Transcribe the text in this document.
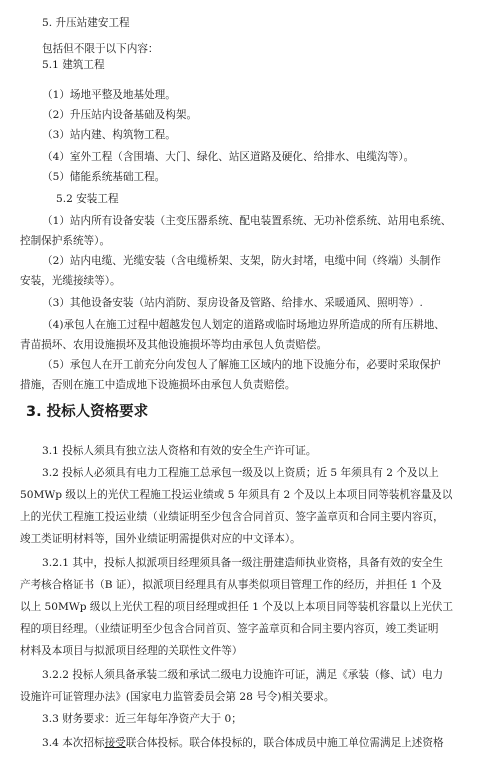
5. 升压站建安工程
包括但不限于以下内容：
5.1 建筑工程
（1）场地平整及地基处理。
（2）升压站内设备基础及构架。
（3）站内建、构筑物工程。
（4）室外工程（含围墙、大门、绿化、站区道路及硬化、给排水、电缆沟等）。
（5）储能系统基础工程。
5.2 安装工程
（1）站内所有设备安装（主变压器系统、配电装置系统、无功补偿系统、站用电系统、
控制保护系统等）。
（2）站内电缆、光缆安装（含电缆桥架、支架，防火封堵，电缆中间（终端）头制作
安装，光缆接续等）。
（3）其他设备安装（站内消防、泵房设备及管路、给排水、采暖通风、照明等）.
（4)承包人在施工过程中超越发包人划定的道路或临时场地边界所造成的所有压耕地、
青苗损坏、农用设施损坏及其他设施损坏等均由承包人负责赔偿。
（5）承包人在开工前充分向发包人了解施工区域内的地下设施分布，必要时采取保护
措施，否则在施工中造成地下设施损坏由承包人负责赔偿。
3. 投标人资格要求
3.1 投标人须具有独立法人资格和有效的安全生产许可证。
3.2 投标人必须具有电力工程施工总承包一级及以上资质；近 5 年须具有 2 个及以上
50MWp 级以上的光伏工程施工投运业绩或 5 年须具有 2 个及以上本项目同等装机容量及以
上的光伏工程施工投运业绩（业绩证明至少包含合同首页、签字盖章页和合同主要内容页，
竣工类证明材料等，国外业绩证明需提供对应的中文译本）。
3.2.1 其中，投标人拟派项目经理须具备一级注册建造师执业资格，具备有效的安全生
产考核合格证书（B 证），拟派项目经理具有从事类似项目管理工作的经历，并担任 1 个及
以上 50MWp 级以上光伏工程的项目经理或担任 1 个及以上本项目同等装机容量以上光伏工
程的项目经理。（业绩证明至少包含合同首页、签字盖章页和合同主要内容页，竣工类证明
材料及本项目与拟派项目经理的关联性文件等）
3.2.2 投标人须具备承装二级和承试二级电力设施许可证，满足《承装（修、试）电力
设施许可证管理办法》(国家电力监管委员会第 28 号令)相关要求。
3.3 财务要求：近三年每年净资产大于 0；
3.4 本次招标接受联合体投标。联合体投标的，联合体成员中施工单位需满足上述资格
